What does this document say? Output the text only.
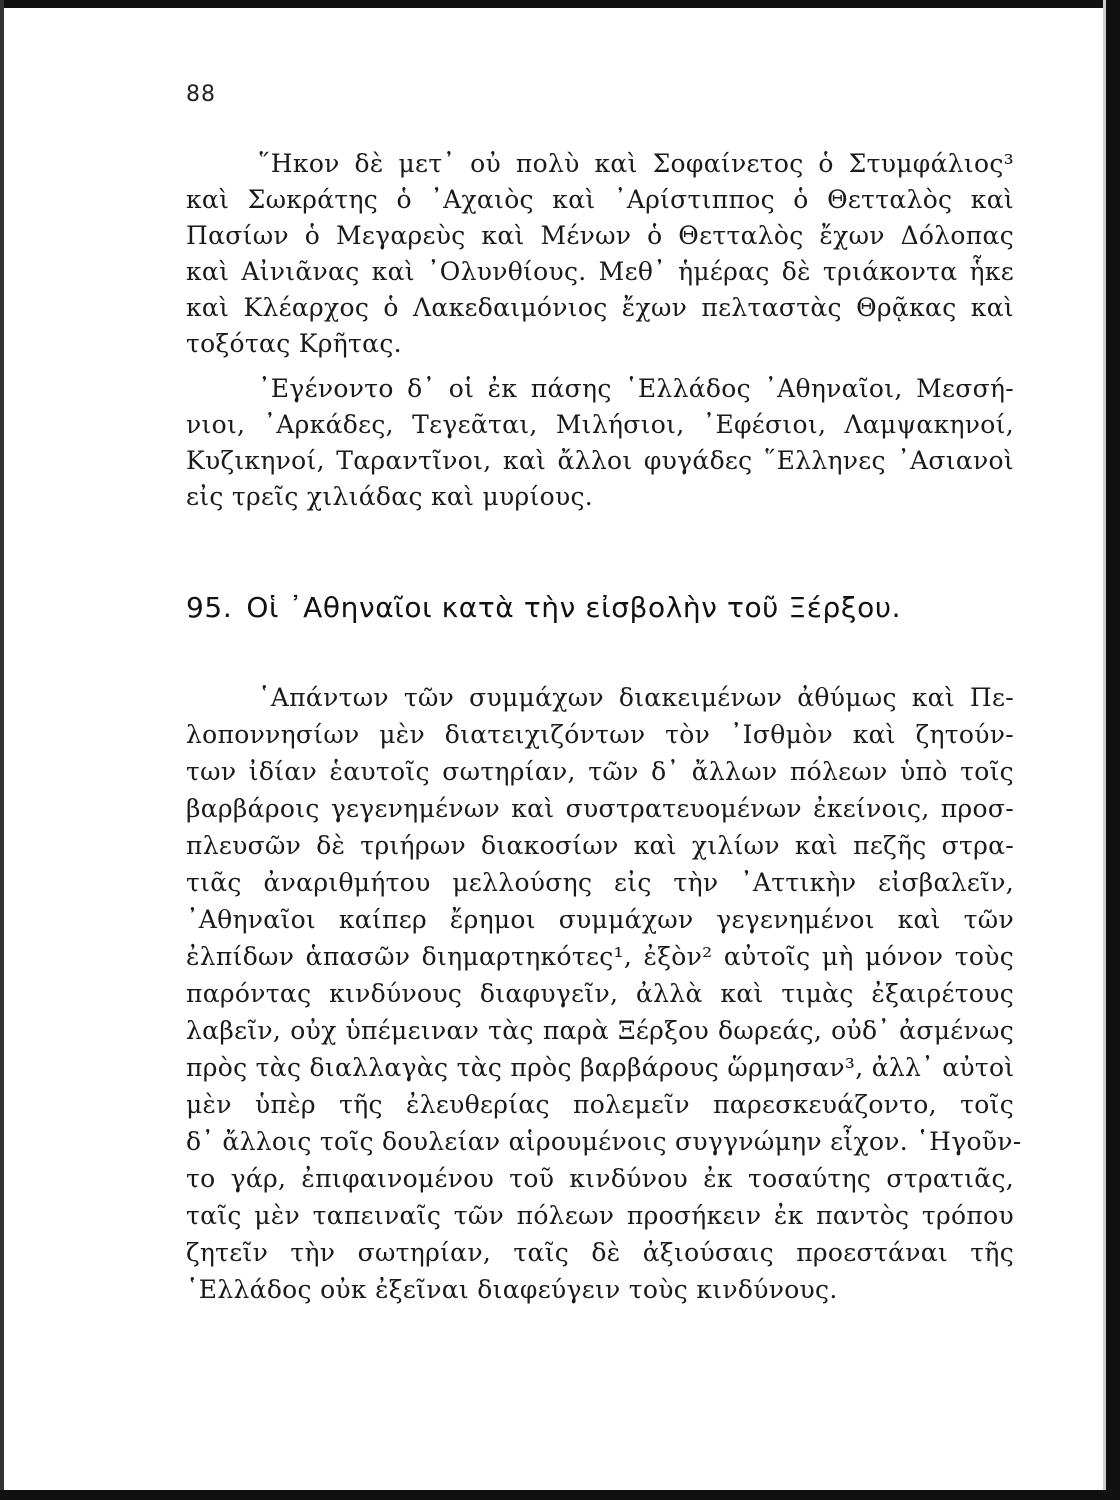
88
῞Ηκον δὲ μετ᾿ οὐ πολὺ καὶ Σοφαίνετος ὁ Στυμφάλιος³
καὶ Σωκράτης ὁ ᾿Αχαιὸς καὶ ᾿Αρίστιππος ὁ Θετταλὸς καὶ
Πασίων ὁ Μεγαρεὺς καὶ Μένων ὁ Θετταλὸς ἔχων Δόλοπας
καὶ Αἰνιᾶνας καὶ ᾿Ολυνθίους. Μεθ᾿ ἡμέρας δὲ τριάκοντα ἧκε
καὶ Κλέαρχος ὁ Λακεδαιμόνιος ἔχων πελταστὰς Θρᾷκας καὶ
τοξότας Κρῆτας.
᾿Εγένοντο δ᾿ οἱ ἐκ πάσης ῾Ελλάδος ᾿Αθηναῖοι, Μεσσή-
νιοι, ᾿Αρκάδες, Τεγεᾶται, Μιλήσιοι, ᾿Εφέσιοι, Λαμψακηνοί,
Κυζικηνοί, Ταραντῖνοι, καὶ ἄλλοι φυγάδες ῞Ελληνες ᾿Ασιανοὶ
εἰς τρεῖς χιλιάδας καὶ μυρίους.
95. Οἱ ᾿Αθηναῖοι κατὰ τὴν εἰσβολὴν τοῦ Ξέρξου.
῾Απάντων τῶν συμμάχων διακειμένων ἀθύμως καὶ Πε-
λοποννησίων μὲν διατειχιζόντων τὸν ᾿Ισθμὸν καὶ ζητούν-
των ἰδίαν ἑαυτοῖς σωτηρίαν, τῶν δ᾿ ἄλλων πόλεων ὑπὸ τοῖς
βαρβάροις γεγενημένων καὶ συστρατευομένων ἐκείνοις, προσ-
πλευσῶν δὲ τριήρων διακοσίων καὶ χιλίων καὶ πεζῆς στρα-
τιᾶς ἀναριθμήτου μελλούσης εἰς τὴν ᾿Αττικὴν εἰσβαλεῖν,
᾿Αθηναῖοι καίπερ ἔρημοι συμμάχων γεγενημένοι καὶ τῶν
ἐλπίδων ἁπασῶν διημαρτηκότες¹, ἐξὸν² αὐτοῖς μὴ μόνον τοὺς
παρόντας κινδύνους διαφυγεῖν, ἀλλὰ καὶ τιμὰς ἐξαιρέτους
λαβεῖν, οὐχ ὑπέμειναν τὰς παρὰ Ξέρξου δωρεάς, οὐδ᾿ ἀσμένως
πρὸς τὰς διαλλαγὰς τὰς πρὸς βαρβάρους ὥρμησαν³, ἀλλ᾿ αὐτοὶ
μὲν ὑπὲρ τῆς ἐλευθερίας πολεμεῖν παρεσκευάζοντο, τοῖς
δ᾿ ἄλλοις τοῖς δουλείαν αἱρουμένοις συγγνώμην εἶχον. ῾Ηγοῦν-
το γάρ, ἐπιφαινομένου τοῦ κινδύνου ἐκ τοσαύτης στρατιᾶς,
ταῖς μὲν ταπειναῖς τῶν πόλεων προσήκειν ἐκ παντὸς τρόπου
ζητεῖν τὴν σωτηρίαν, ταῖς δὲ ἀξιούσαις προεστάναι τῆς
῾Ελλάδος οὐκ ἐξεῖναι διαφεύγειν τοὺς κινδύνους.
